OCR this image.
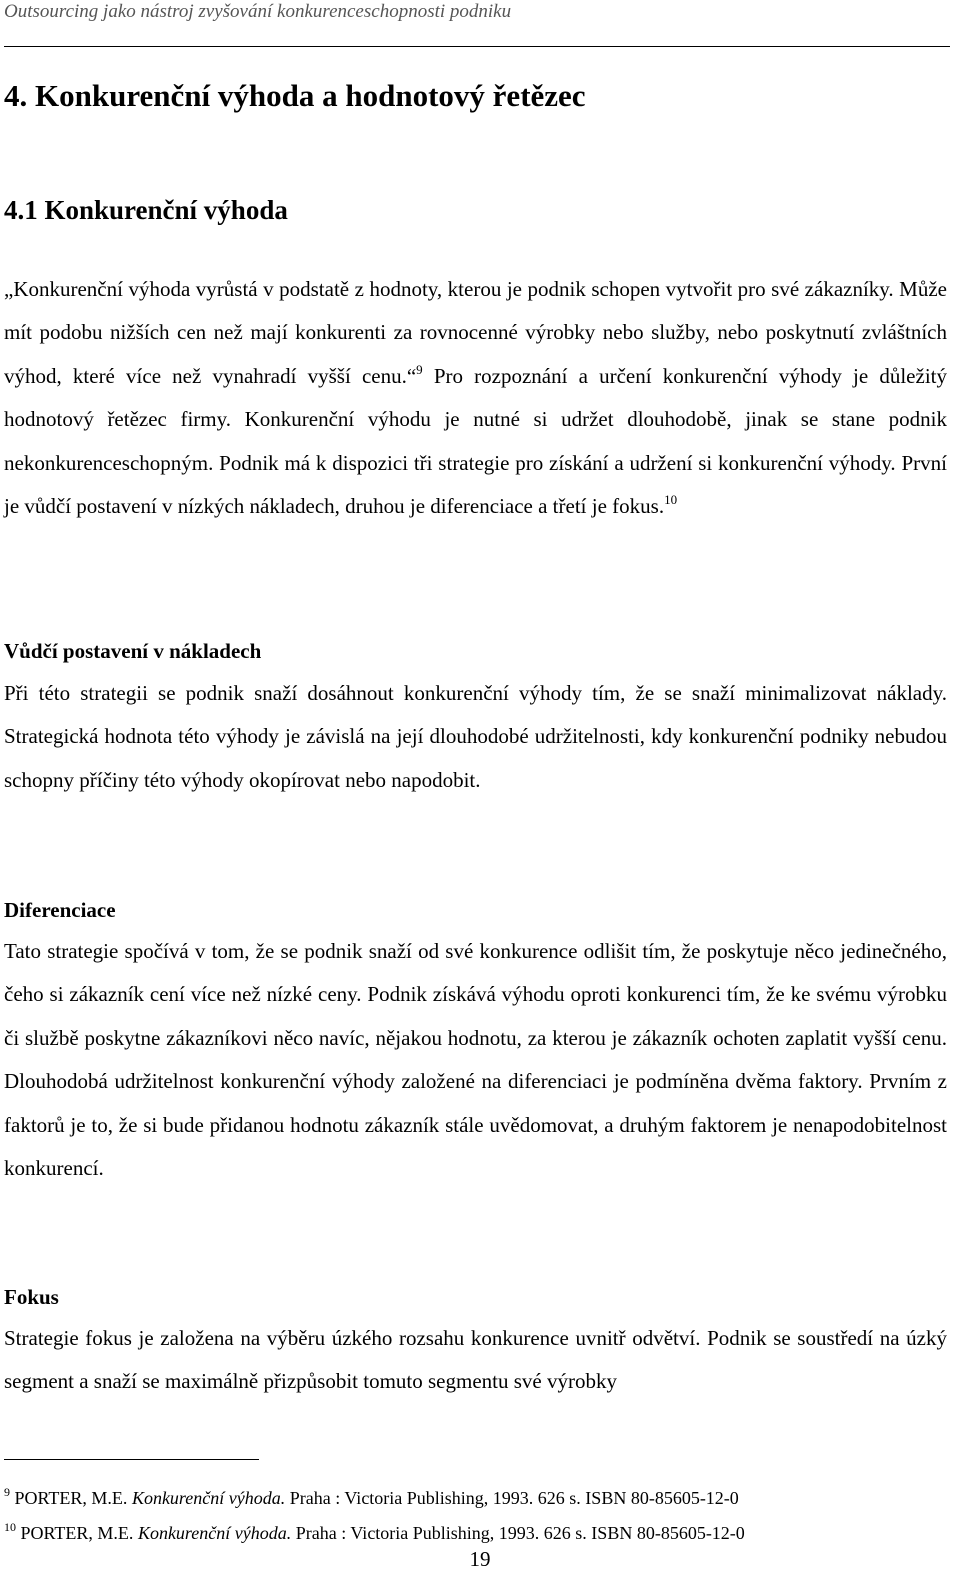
Outsourcing jako nástroj zvyšování konkurenceschopnosti podniku
4. Konkurenční výhoda a hodnotový řetězec
4.1 Konkurenční výhoda

„Konkurenční výhoda vyrůstá v podstatě z hodnoty, kterou je podnik schopen vytvořit pro své zákazníky. Může mít podobu nižších cen než mají konkurenti za rovnocenné výrobky nebo služby, nebo poskytnutí zvláštních výhod, které více než vynahradí vyšší cenu.“$^9$ Pro rozpoznání a určení konkurenční výhody je důležitý hodnotový řetězec firmy. Konkurenční výhodu je nutné si udržet dlouhodobě, jinak se stane podnik nekonkurenceschopným. Podnik má k dispozici tři strategie pro získání a udržení si konkurenční výhody. První je vůdčí postavení v nízkých nákladech, druhou je diferenciace a třetí je fokus.$^{10}$

Vůdčí postavení v nákladech

Při této strategii se podnik snaží dosáhnout konkurenční výhody tím, že se snaží minimalizovat náklady. Strategická hodnota této výhody je závislá na její dlouhodobé udržitelnosti, kdy konkurenční podniky nebudou schopny příčiny této výhody okopírovat nebo napodobit.

Diferenciace

Tato strategie spočívá v tom, že se podnik snaží od své konkurence odlišit tím, že poskytuje něco jedinečného, čeho si zákazník cení více než nízké ceny. Podnik získává výhodu oproti konkurenci tím, že ke svému výrobku či službě poskytne zákazníkovi něco navíc, nějakou hodnotu, za kterou je zákazník ochoten zaplatit vyšší cenu. Dlouhodobá udržitelnost konkurenční výhody založené na diferenciaci je podmíněna dvěma faktory. Prvním z faktorů je to, že si bude přidanou hodnotu zákazník stále uvědomovat, a druhým faktorem je nenapodobitelnost konkurencí.

Fokus

Strategie fokus je založena na výběru úzkého rozsahu konkurence uvnitř odvětví. Podnik se soustředí na úzký segment a snaží se maximálně přizpůsobit tomuto segmentu své výrobky

$^9$ PORTER, M.E. Konkurenční výhoda. Praha : Victoria Publishing, 1993. 626 s. ISBN 80-85605-12-0

$^{10}$ PORTER, M.E. Konkurenční výhoda. Praha : Victoria Publishing, 1993. 626 s. ISBN 80-85605-12-0

19
